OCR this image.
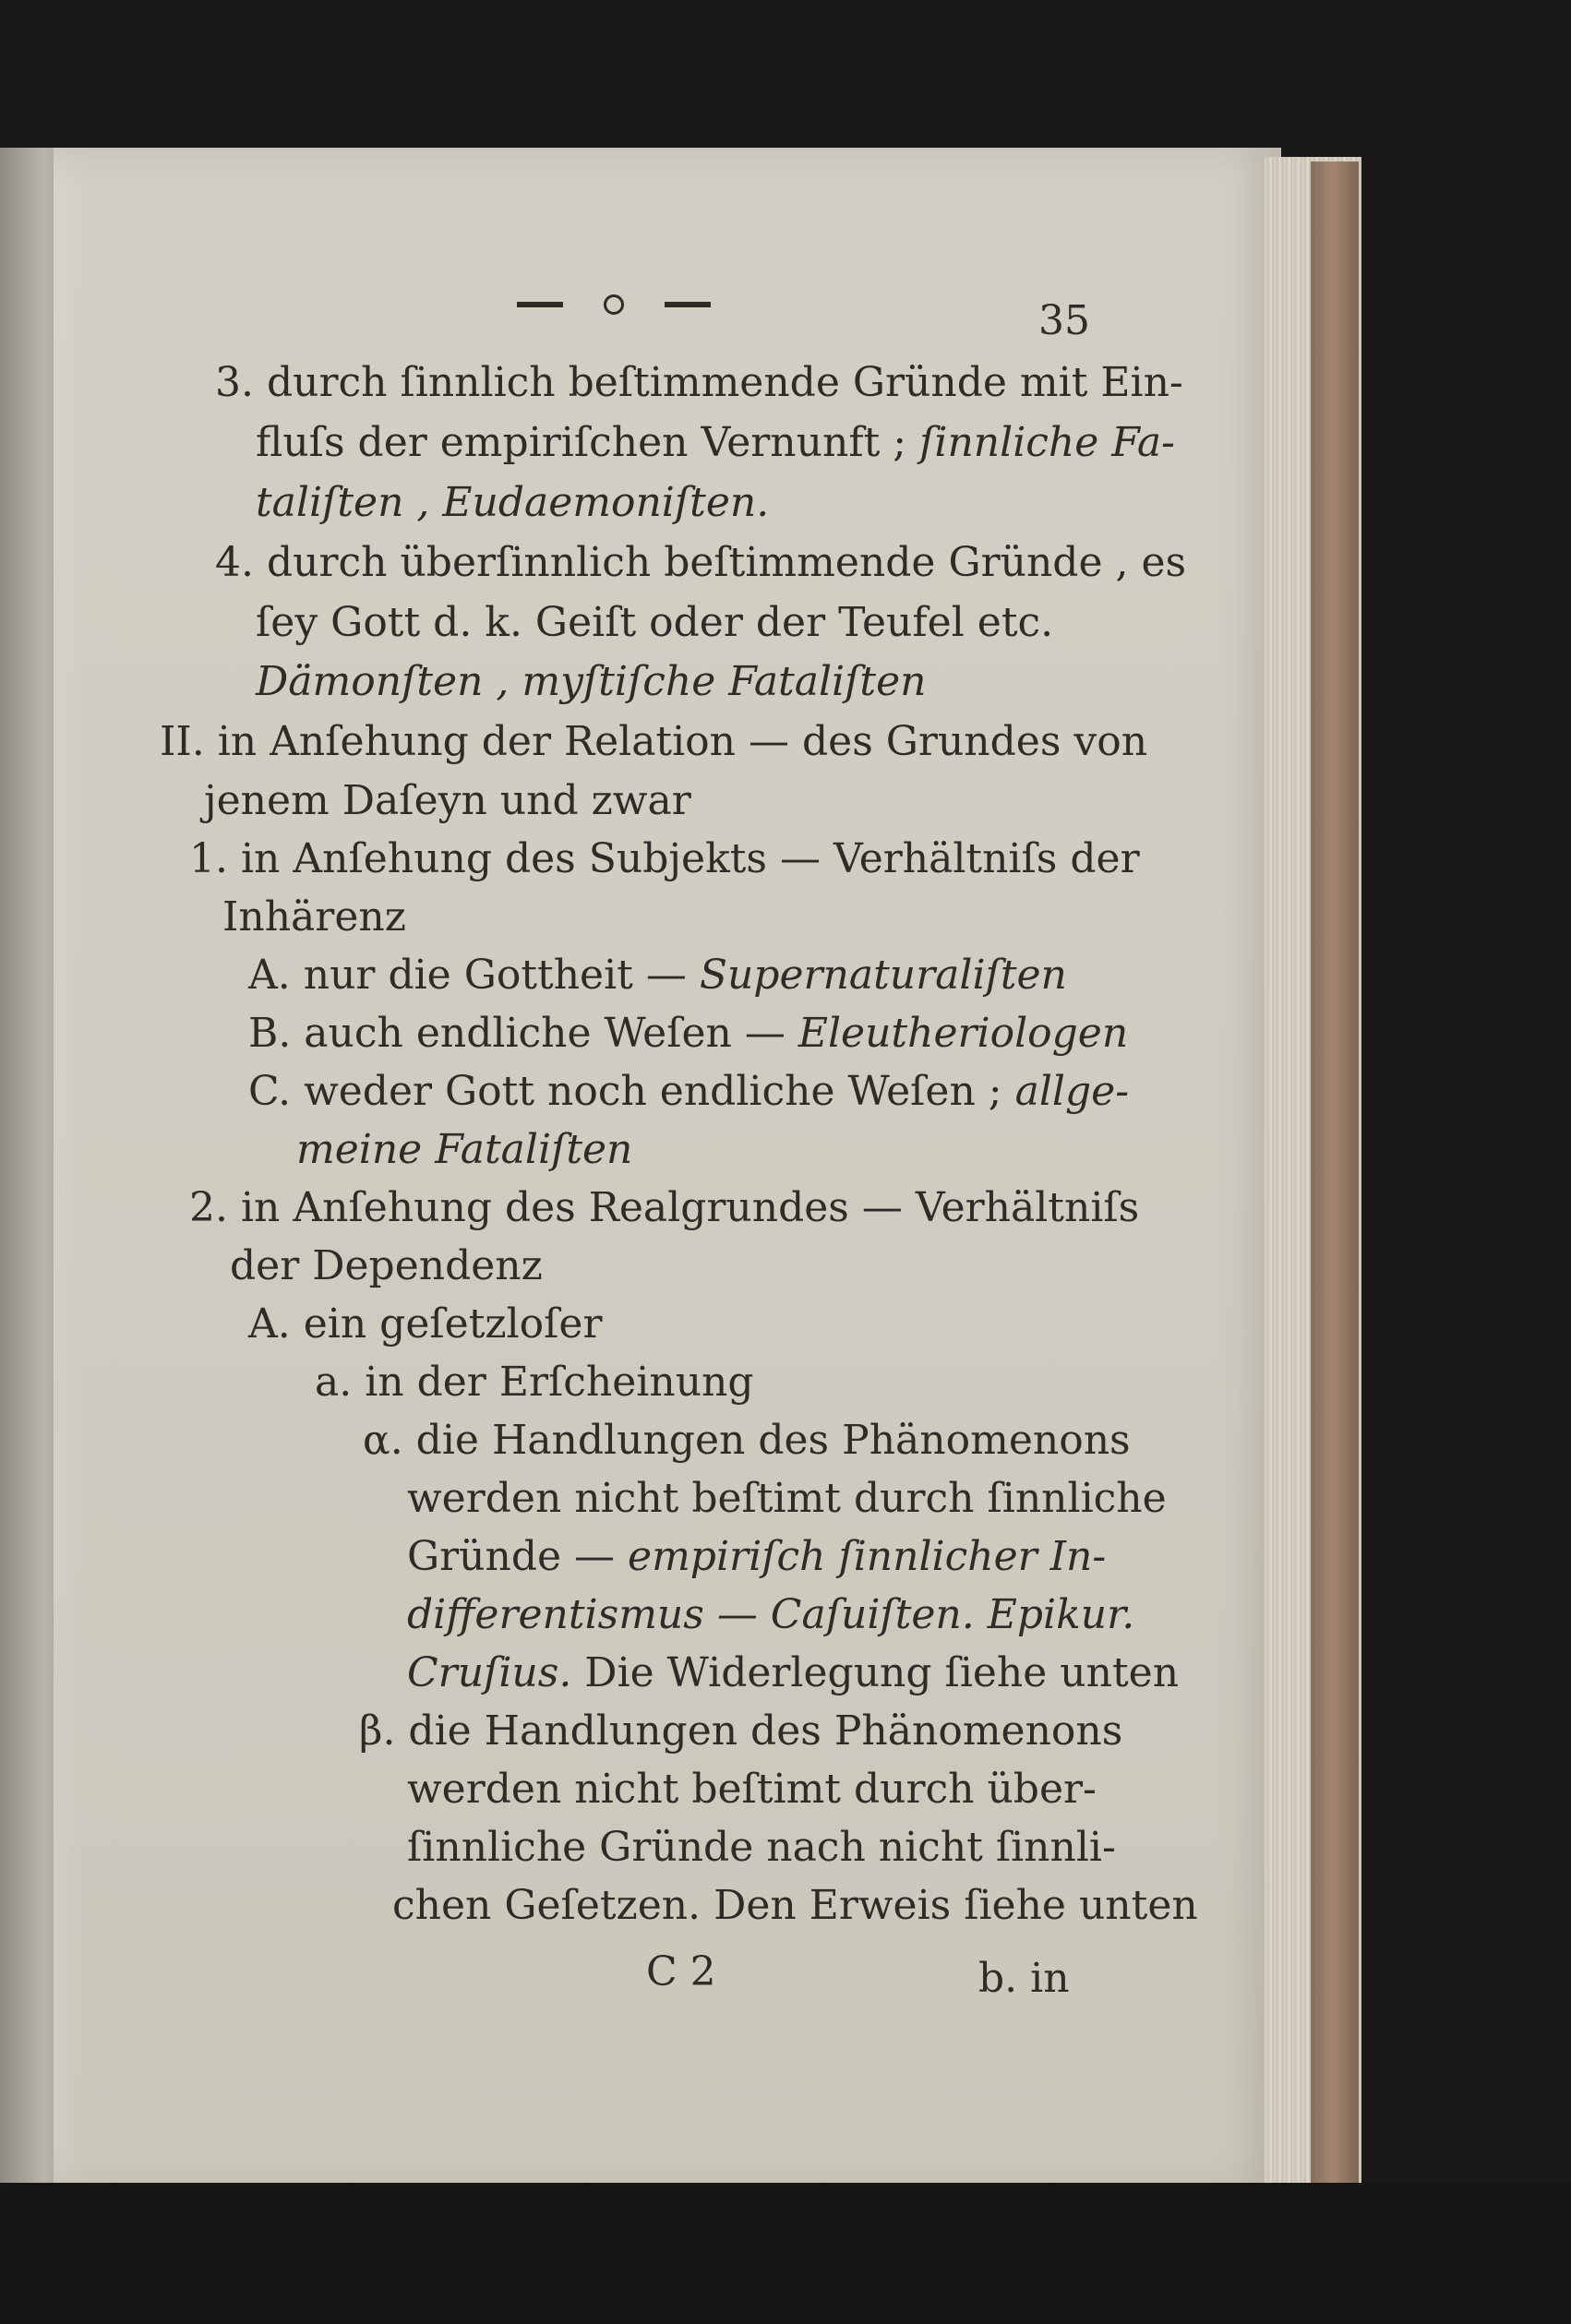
35
3. durch ſinnlich beſtimmende Gründe mit Ein-
fluſs der empiriſchen Vernunft ; ſinnliche Fa-
taliſten , Eudaemoniſten.
4. durch überſinnlich beſtimmende Gründe , es
ſey Gott d. k. Geiſt oder der Teufel etc.
Dämonſten , myſtiſche Fataliſten
II. in Anſehung der Relation — des Grundes von
jenem Daſeyn und zwar
1. in Anſehung des Subjekts — Verhältniſs der
Inhärenz
A. nur die Gottheit — Supernaturaliſten
B. auch endliche Weſen — Eleutheriologen
C. weder Gott noch endliche Weſen ; allge-
meine Fataliſten
2. in Anſehung des Realgrundes — Verhältniſs
der Dependenz
A. ein geſetzloſer
a. in der Erſcheinung
α. die Handlungen des Phänomenons
werden nicht beſtimt durch ſinnliche
Gründe — empiriſch ſinnlicher In-
differentismus — Caſuiſten. Epikur.
Cruſius. Die Widerlegung ſiehe unten
β. die Handlungen des Phänomenons
werden nicht beſtimt durch über-
ſinnliche Gründe nach nicht ſinnli-
chen Geſetzen. Den Erweis ſiehe unten
C 2	b. in
